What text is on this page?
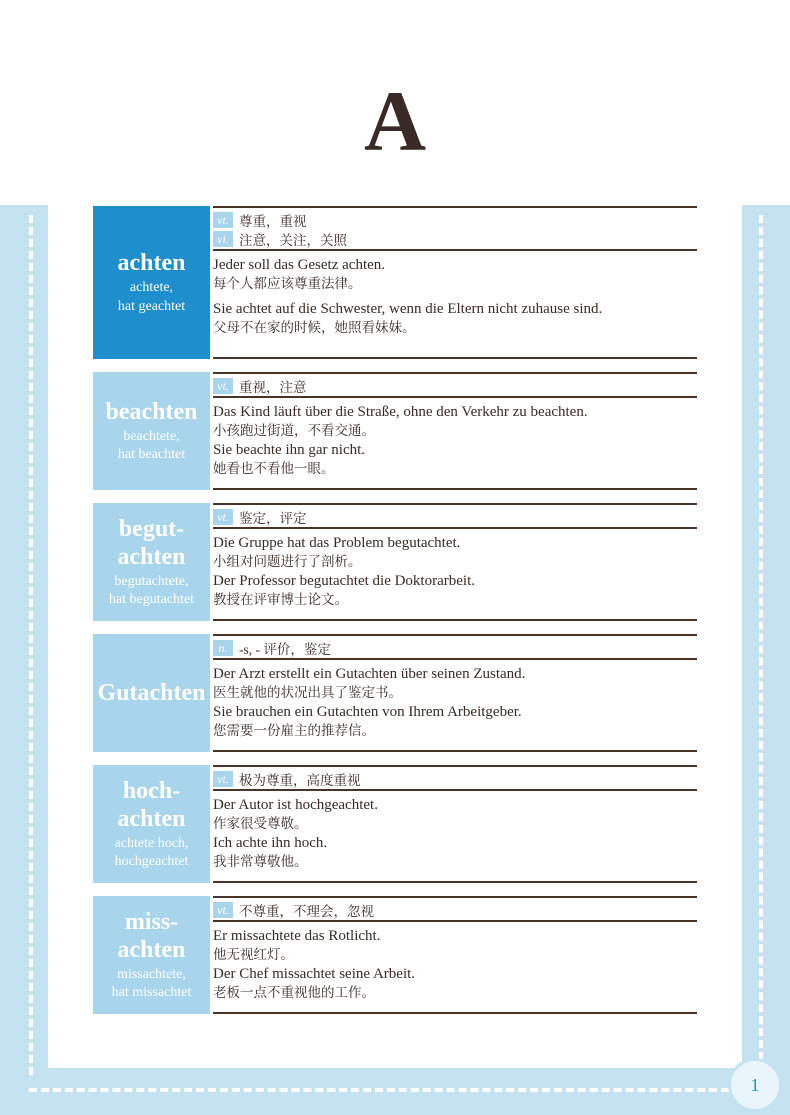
A
achten
achtete,
hat geachtet
vt. 尊重，重视
vi. 注意，关注，关照
Jeder soll das Gesetz achten.
每个人都应该尊重法律。
Sie achtet auf die Schwester, wenn die Eltern nicht zuhause sind.
父母不在家的时候，她照看妹妹。
beachten
beachtete,
hat beachtet
vt. 重视，注意
Das Kind läuft über die Straße, ohne den Verkehr zu beachten.
小孩跑过街道，不看交通。
Sie beachte ihn gar nicht.
她看也不看他一眼。
begut-
achten
begutachtete,
hat begutachtet
vt. 鉴定，评定
Die Gruppe hat das Problem begutachtet.
小组对问题进行了剖析。
Der Professor begutachtet die Doktorarbeit.
教授在评审博士论文。
Gutachten
n. -s, - 评价，鉴定
Der Arzt erstellt ein Gutachten über seinen Zustand.
医生就他的状况出具了鉴定书。
Sie brauchen ein Gutachten von Ihrem Arbeitgeber.
您需要一份雇主的推荐信。
hoch-
achten
achtete hoch,
hochgeachtet
vt. 极为尊重，高度重视
Der Autor ist hochgeachtet.
作家很受尊敬。
Ich achte ihn hoch.
我非常尊敬他。
miss-
achten
missachtete,
hat missachtet
vt. 不尊重，不理会，忽视
Er missachtete das Rotlicht.
他无视红灯。
Der Chef missachtet seine Arbeit.
老板一点不重视他的工作。
1
